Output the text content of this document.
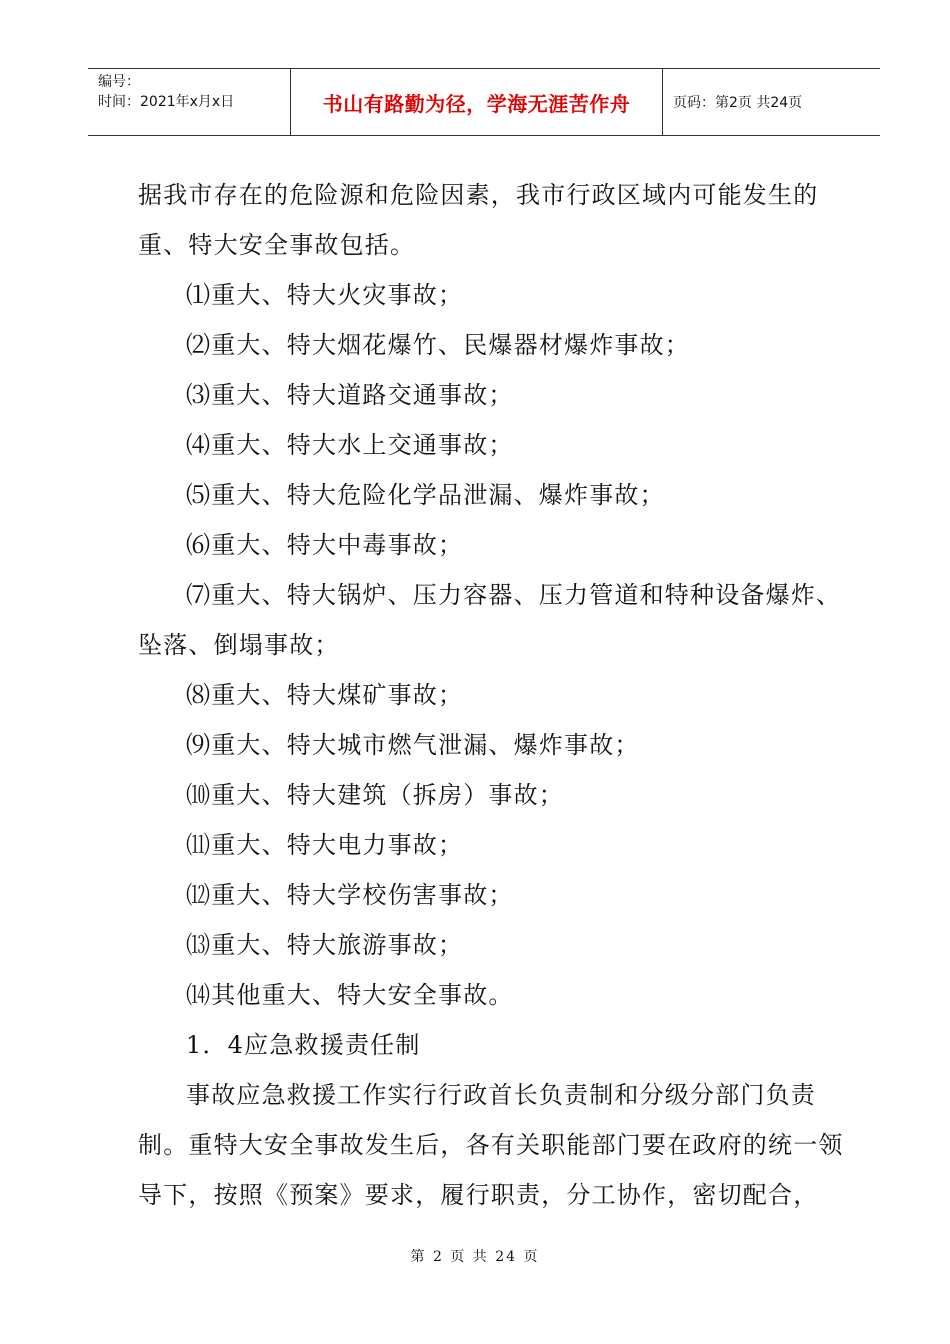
编号：
时间：2021年x月x日	书山有路勤为径，学海无涯苦作舟	页码：第2页 共24页

据我市存在的危险源和危险因素，我市行政区域内可能发生的重、特大安全事故包括。

⑴重大、特大火灾事故；

⑵重大、特大烟花爆竹、民爆器材爆炸事故；

⑶重大、特大道路交通事故；

⑷重大、特大水上交通事故；

⑸重大、特大危险化学品泄漏、爆炸事故；

⑹重大、特大中毒事故；

⑺重大、特大锅炉、压力容器、压力管道和特种设备爆炸、坠落、倒塌事故；

⑻重大、特大煤矿事故；

⑼重大、特大城市燃气泄漏、爆炸事故；

⑽重大、特大建筑（拆房）事故；

⑾重大、特大电力事故；

⑿重大、特大学校伤害事故；

⒀重大、特大旅游事故；

⒁其他重大、特大安全事故。

1．4应急救援责任制

事故应急救援工作实行行政首长负责制和分级分部门负责制。重特大安全事故发生后，各有关职能部门要在政府的统一领导下，按照《预案》要求，履行职责，分工协作，密切配合，

第 2 页 共 24 页
